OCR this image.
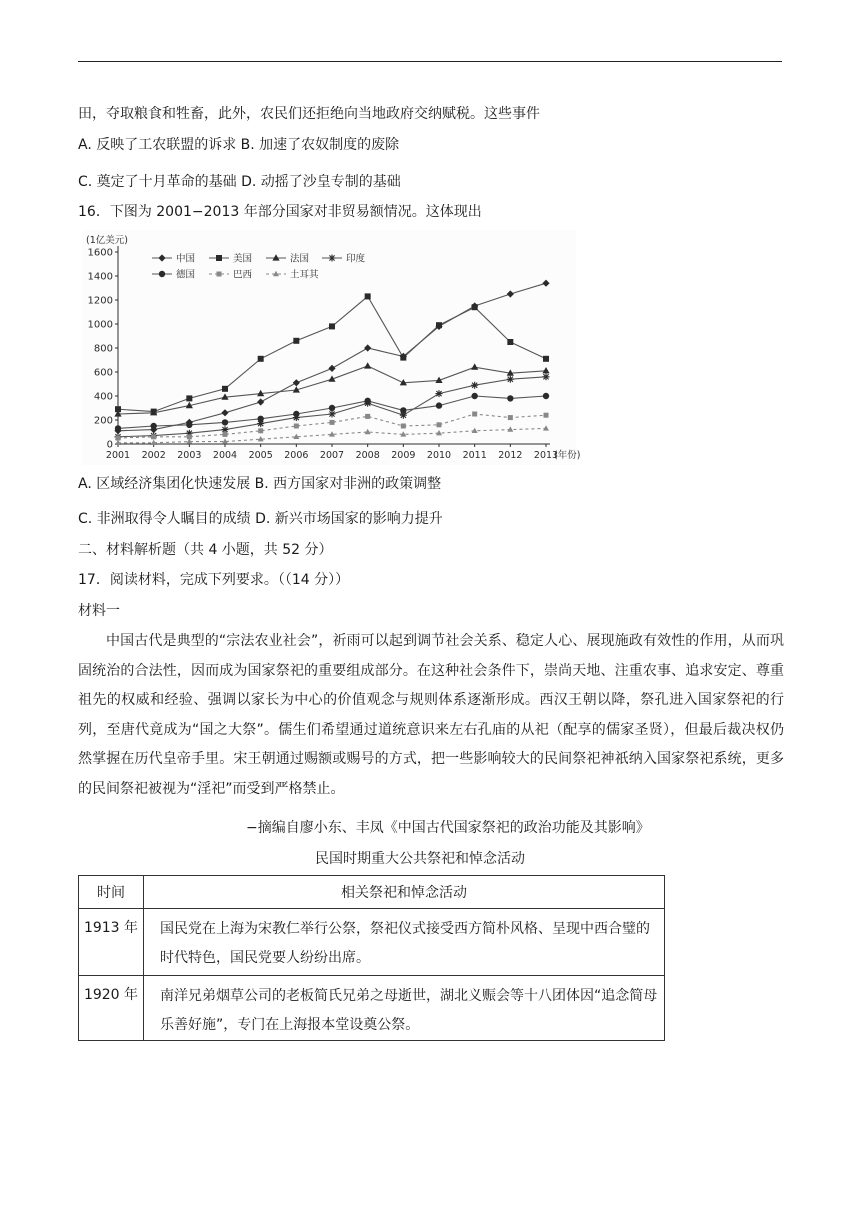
田，夺取粮食和牲畜，此外，农民们还拒绝向当地政府交纳赋税。这些事件
A. 反映了工农联盟的诉求 B. 加速了农奴制度的废除
C. 奠定了十月革命的基础 D. 动摇了沙皇专制的基础
16．下图为 2001−2013 年部分国家对非贸易额情况。这体现出
0
200
400
600
800
1000
1200
1400
1600
2001 2002 2003 2004 2005 2006 2007 2008 2009 2010 2011 2012 2013
(1亿美元)
(年份)
中国	美国	法国	印度
德国	巴西	土耳其
A. 区域经济集团化快速发展 B. 西方国家对非洲的政策调整
C. 非洲取得令人瞩目的成绩 D. 新兴市场国家的影响力提升
二、材料解析题（共 4 小题，共 52 分）
17．阅读材料，完成下列要求。（（14 分））
材料一
中国古代是典型的“宗法农业社会”，祈雨可以起到调节社会关系、稳定人心、展现施政有效性的作用，从而巩固统治的合法性，因而成为国家祭祀的重要组成部分。在这种社会条件下，崇尚天地、注重农事、追求安定、尊重祖先的权威和经验、强调以家长为中心的价值观念与规则体系逐渐形成。西汉王朝以降，祭孔进入国家祭祀的行列，至唐代竟成为“国之大祭”。儒生们希望通过道统意识来左右孔庙的从祀（配享的儒家圣贤），但最后裁决权仍然掌握在历代皇帝手里。宋王朝通过赐额或赐号的方式，把一些影响较大的民间祭祀神祇纳入国家祭祀系统，更多的民间祭祀被视为“淫祀”而受到严格禁止。
−摘编自廖小东、丰凤《中国古代国家祭祀的政治功能及其影响》
民国时期重大公共祭祀和悼念活动
时间	相关祭祀和悼念活动

1913 年	国民党在上海为宋教仁举行公祭，祭祀仪式接受西方简朴风格、呈现中西合璧的时代特色，国民党要人纷纷出席。

1920 年	南洋兄弟烟草公司的老板简氏兄弟之母逝世，湖北义赈会等十八团体因“追念简母乐善好施”，专门在上海报本堂设奠公祭。
